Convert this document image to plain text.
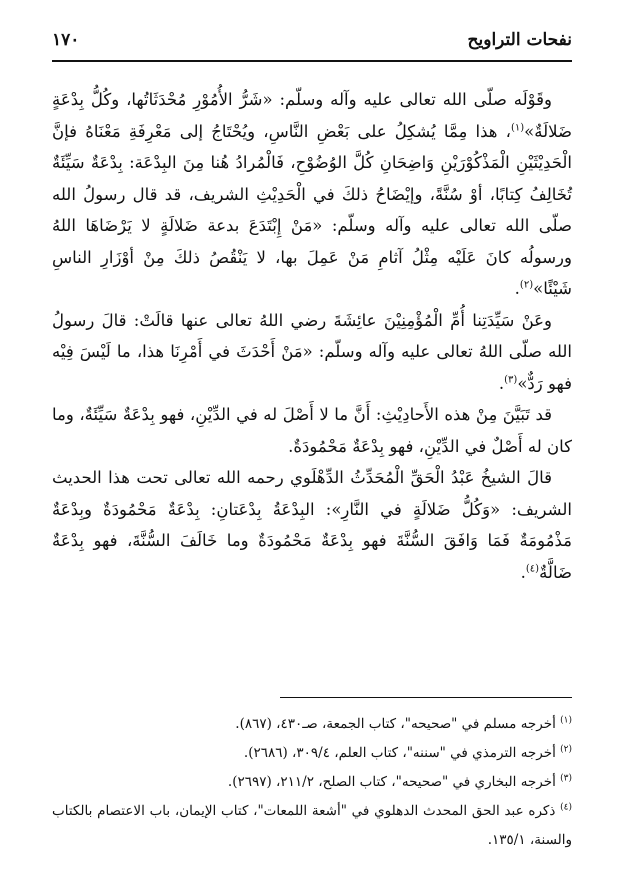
نفحات التراويح
١٧٠

وقَوْلَه صلّى الله تعالى عليه وآله وسلّم: «شَرُّ الأُمُوْرِ مُحْدَثَاتُها، وكُلُّ بِدْعَةٍ ضَلالَةٌ»$^{(١)}$، هذا مِمَّا يُشكِلُ على بَعْضِ النَّاسِ، ويُحْتَاجُ إلى مَعْرِفَةِ مَعْنَاهُ فإنَّ الْحَدِيْثَيْنِ الْمَذْكُوْرَيْنِ وَاضِحَانِ كُلَّ الوُضُوْحِ، فَالْمُرادُ هُنا مِنَ البِدْعَة: بِدْعَةٌ سَيِّئَةٌ تُخَالِفُ كِتابًا، أوْ سُنَّةً، وإيْضَاحُ ذلكَ في الْحَدِيْثِ الشريف، قد قال رسولُ الله صلّى الله تعالى عليه وآله وسلّم: «مَنْ إِبْتَدَعَ بدعة ضَلالَةٍ لا يَرْضَاهَا اللهُ ورسولُه كانَ عَلَيْه مِثْلُ آثامِ مَنْ عَمِلَ بها، لا يَنْقُصُ ذلكَ مِنْ أوْزَارِ الناسِ شَيْئًا»$^{(٢)}$.

وعَنْ سَيِّدَتِنا أُمِّ الْمُؤْمِنِيْنَ عائِشَةَ رضي اللهُ تعالى عنها قالَتْ: قالَ رسولُ الله صلّى اللهُ تعالى عليه وآله وسلّم: «مَنْ أَحْدَثَ في أَمْرِنَا هذا، ما لَيْسَ فِيْه فهو رَدٌّ»$^{(٣)}$.

قد تَبَيَّنَ مِنْ هذه الأَحادِيْثِ: أَنَّ ما لا أَصْلَ له في الدِّيْنِ، فهو بِدْعَةٌ سَيِّئَةٌ، وما كان له أَصْلٌ في الدِّيْنِ، فهو بِدْعَةٌ مَحْمُودَةٌ.

قالَ الشيخُ عَبْدُ الْحَقِّ الْمُحَدِّثُ الدِّهْلَوي رحمه الله تعالى تحت هذا الحديث الشريف: «وَكُلُّ ضَلالَةٍ في النَّارِ»: البِدْعَةُ بِدْعَتانِ: بِدْعَةٌ مَحْمُودَةٌ وبِدْعَةٌ مَذْمُومَةٌ فَمَا وَافَقَ السُّنَّةَ فهو بِدْعَةٌ مَحْمُودَةٌ وما خَالَفَ السُّنَّةَ، فهو بِدْعَةٌ ضَالَّةٌ$^{(٤)}$.

$^{(١)}$ أخرجه مسلم في "صحيحه"، كتاب الجمعة، صـ٤٣٠، (٨٦٧).

$^{(٢)}$ أخرجه الترمذي في "سننه"، كتاب العلم، ٣٠٩/٤، (٢٦٨٦).

$^{(٣)}$ أخرجه البخاري في "صحيحه"، كتاب الصلح، ٢١١/٢، (٢٦٩٧).

$^{(٤)}$ ذكره عبد الحق المحدث الدهلوي في "أشعة اللمعات"، كتاب الإيمان، باب الاعتصام بالكتاب والسنة، ١٣٥/١.
